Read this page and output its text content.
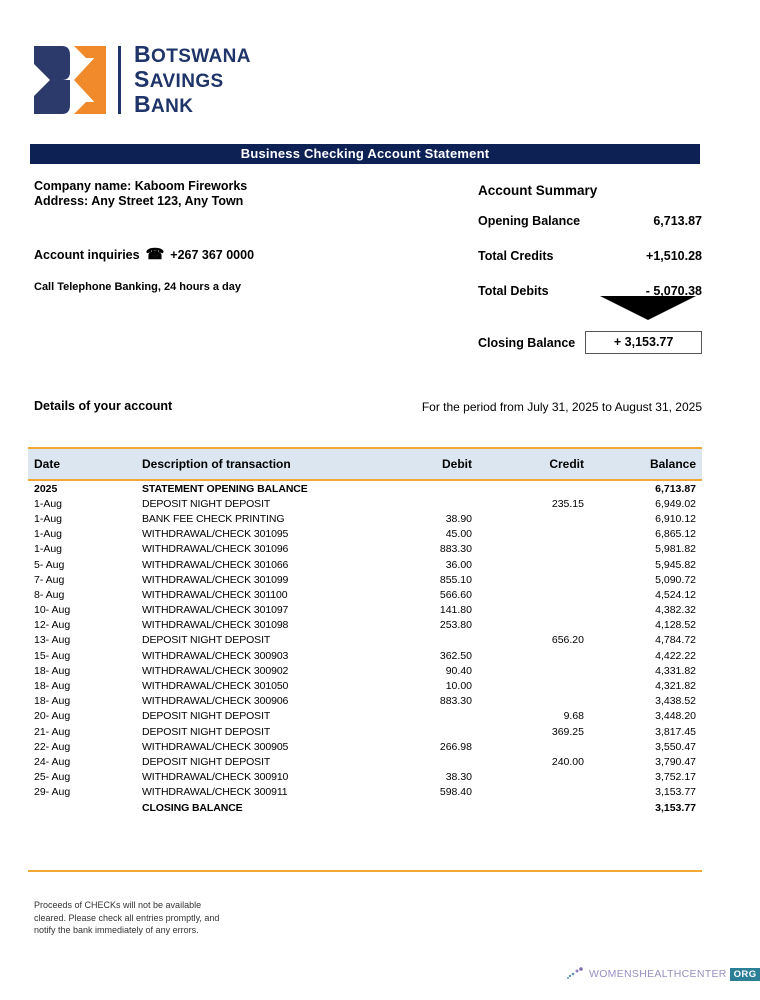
BOTSWANA
SAVINGS
BANK
Business Checking Account Statement
Company name: Kaboom Fireworks
Address: Any Street 123, Any Town
Account inquiries ☎ +267 367 0000
Call Telephone Banking, 24 hours a day
Account Summary
Opening Balance	6,713.87
Total Credits	+1,510.28
Total Debits	- 5,070.38
Closing Balance	+ 3,153.77
Details of your account	For the period from July 31, 2025 to August 31, 2025
Date	Description of transaction	Debit	Credit	Balance
2025	STATEMENT OPENING BALANCE			6,713.87
1-Aug	DEPOSIT NIGHT DEPOSIT		235.15	6,949.02
1-Aug	BANK FEE CHECK PRINTING	38.90		6,910.12
1-Aug	WITHDRAWAL/CHECK 301095	45.00		6,865.12
1-Aug	WITHDRAWAL/CHECK 301096	883.30		5,981.82
5- Aug	WITHDRAWAL/CHECK 301066	36.00		5,945.82
7- Aug	WITHDRAWAL/CHECK 301099	855.10		5,090.72
8- Aug	WITHDRAWAL/CHECK 301100	566.60		4,524.12
10- Aug	WITHDRAWAL/CHECK 301097	141.80		4,382.32
12- Aug	WITHDRAWAL/CHECK 301098	253.80		4,128.52
13- Aug	DEPOSIT NIGHT DEPOSIT		656.20	4,784.72
15- Aug	WITHDRAWAL/CHECK 300903	362.50		4,422.22
18- Aug	WITHDRAWAL/CHECK 300902	90.40		4,331.82
18- Aug	WITHDRAWAL/CHECK 301050	10.00		4,321.82
18- Aug	WITHDRAWAL/CHECK 300906	883.30		3,438.52
20- Aug	DEPOSIT NIGHT DEPOSIT		9.68	3,448.20
21- Aug	DEPOSIT NIGHT DEPOSIT		369.25	3,817.45
22- Aug	WITHDRAWAL/CHECK 300905	266.98		3,550.47
24- Aug	DEPOSIT NIGHT DEPOSIT		240.00	3,790.47
25- Aug	WITHDRAWAL/CHECK 300910	38.30		3,752.17
29- Aug	WITHDRAWAL/CHECK 300911	598.40		3,153.77
	CLOSING BALANCE			3,153.77
Proceeds of CHECKs will not be available
cleared. Please check all entries promptly, and
notify the bank immediately of any errors.
WOMENSHEALTHCENTER ORG
